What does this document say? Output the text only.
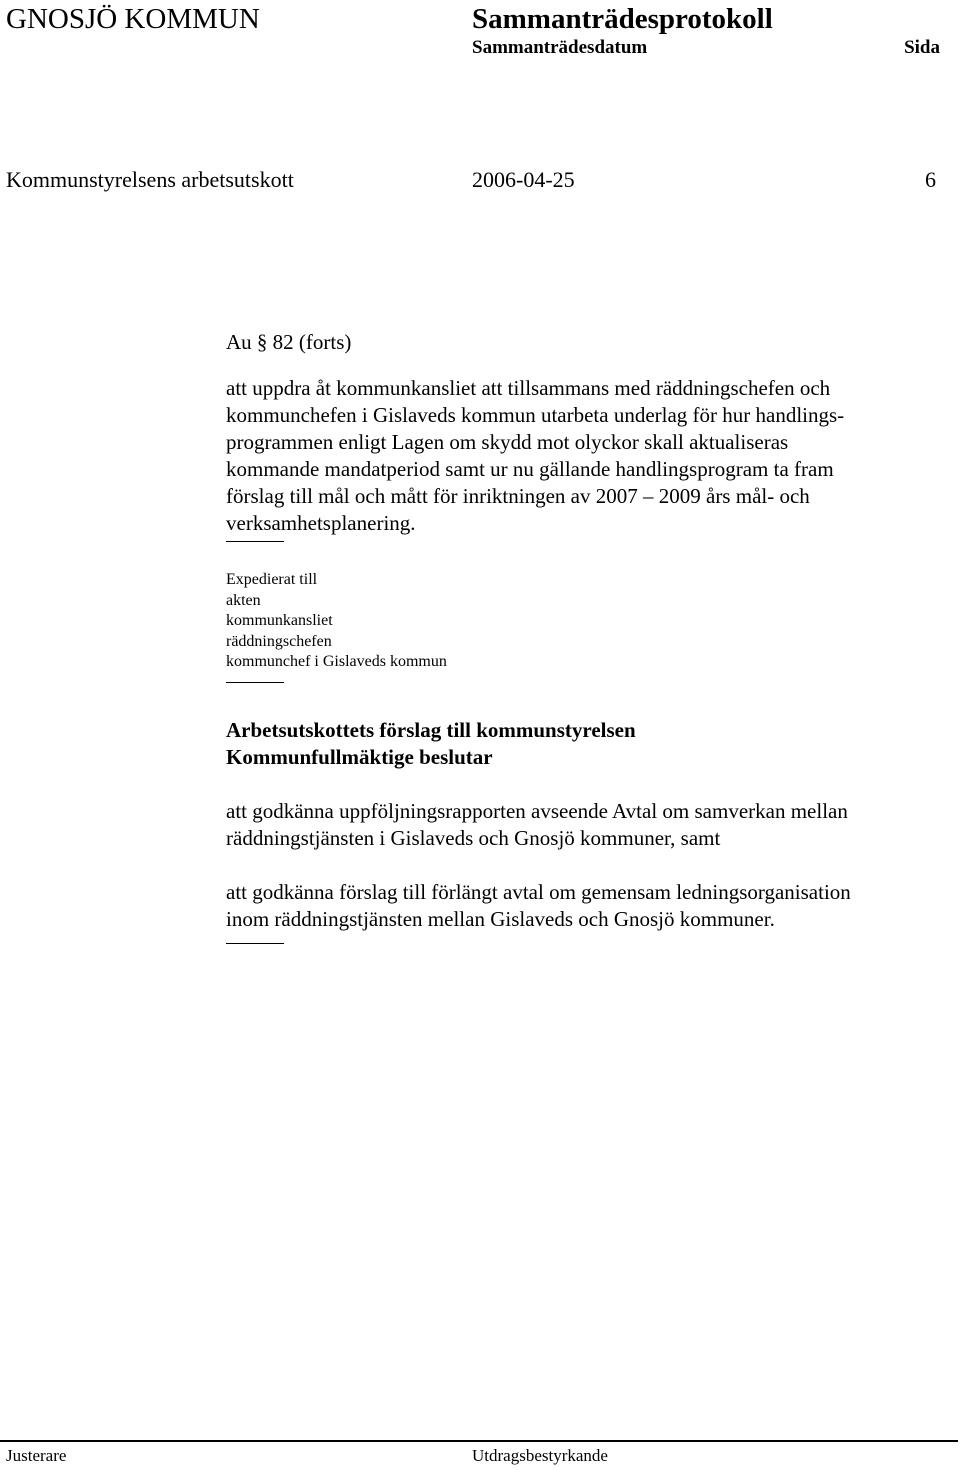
GNOSJÖ KOMMUN	Sammanträdesprotokoll
Sammanträdesdatum	Sida
Kommunstyrelsens arbetsutskott	2006-04-25	6

Au § 82 (forts)

att uppdra åt kommunkansliet att tillsammans med räddningschefen och
kommunchefen i Gislaveds kommun utarbeta underlag för hur handlings-
programmen enligt Lagen om skydd mot olyckor skall aktualiseras
kommande mandatperiod samt ur nu gällande handlingsprogram ta fram
förslag till mål och mått för inriktningen av 2007 – 2009 års mål- och
verksamhetsplanering.

Expedierat till
akten
kommunkansliet
räddningschefen
kommunchef i Gislaveds kommun

Arbetsutskottets förslag till kommunstyrelsen
Kommunfullmäktige beslutar

att godkänna uppföljningsrapporten avseende Avtal om samverkan mellan
räddningstjänsten i Gislaveds och Gnosjö kommuner, samt

att godkänna förslag till förlängt avtal om gemensam ledningsorganisation
inom räddningstjänsten mellan Gislaveds och Gnosjö kommuner.

Justerare	Utdragsbestyrkande
